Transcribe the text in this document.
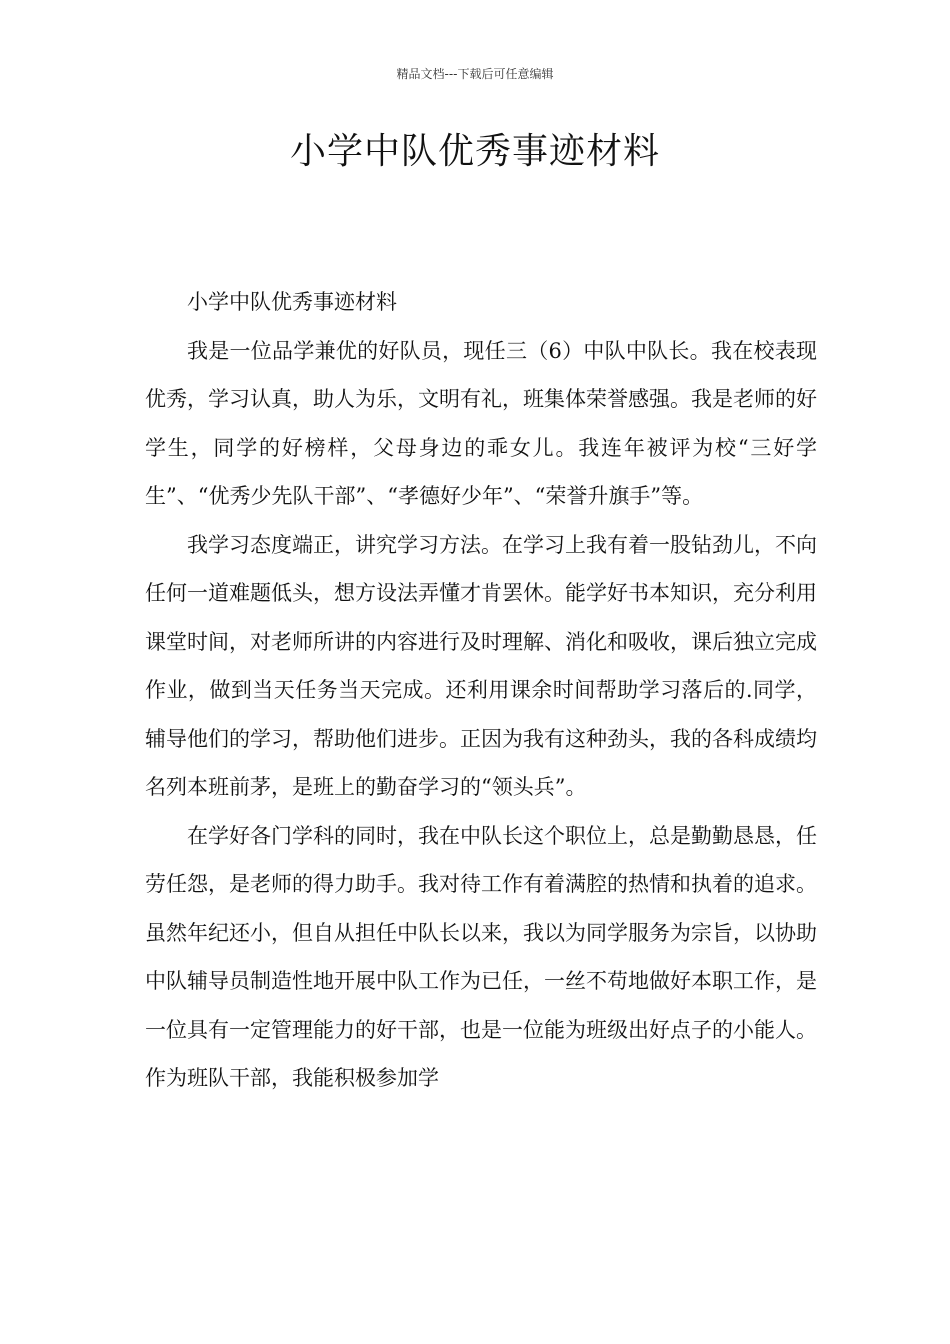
精品文档---下载后可任意编辑
小学中队优秀事迹材料

小学中队优秀事迹材料

我是一位品学兼优的好队员，现任三（6）中队中队长。我在校表现优秀，学习认真，助人为乐，文明有礼，班集体荣誉感强。我是老师的好学生，同学的好榜样，父母身边的乖女儿。我连年被评为校“三好学生”、“优秀少先队干部”、“孝德好少年”、“荣誉升旗手”等。

我学习态度端正，讲究学习方法。在学习上我有着一股钻劲儿，不向任何一道难题低头，想方设法弄懂才肯罢休。能学好书本知识，充分利用课堂时间，对老师所讲的内容进行及时理解、消化和吸收，课后独立完成作业，做到当天任务当天完成。还利用课余时间帮助学习落后的.同学，辅导他们的学习，帮助他们进步。正因为我有这种劲头，我的各科成绩均名列本班前茅，是班上的勤奋学习的“领头兵”。

在学好各门学科的同时，我在中队长这个职位上，总是勤勤恳恳，任劳任怨，是老师的得力助手。我对待工作有着满腔的热情和执着的追求。虽然年纪还小，但自从担任中队长以来，我以为同学服务为宗旨，以协助中队辅导员制造性地开展中队工作为已任，一丝不苟地做好本职工作，是一位具有一定管理能力的好干部，也是一位能为班级出好点子的小能人。作为班队干部，我能积极参加学
